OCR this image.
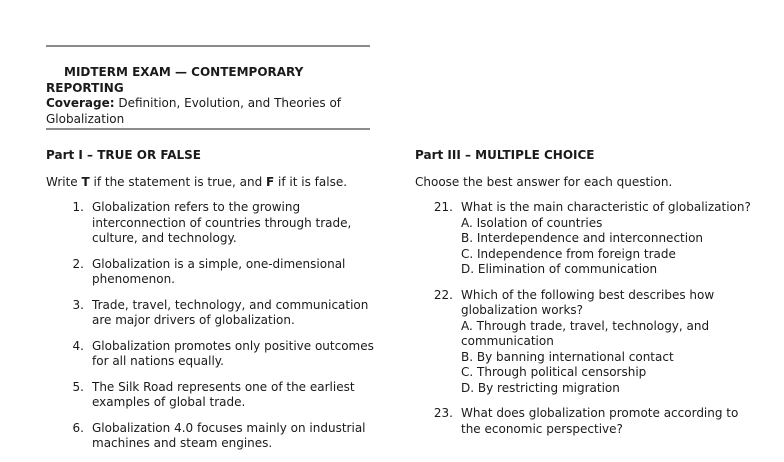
MIDTERM EXAM — CONTEMPORARY REPORTING

Coverage: Definition, Evolution, and Theories of Globalization

Part I – TRUE OR FALSE

Write T if the statement is true, and F if it is false.

1. Globalization refers to the growing interconnection of countries through trade, culture, and technology.
2. Globalization is a simple, one-dimensional phenomenon.
3. Trade, travel, technology, and communication are major drivers of globalization.
4. Globalization promotes only positive outcomes for all nations equally.
5. The Silk Road represents one of the earliest examples of global trade.
6. Globalization 4.0 focuses mainly on industrial machines and steam engines.

Part III – MULTIPLE CHOICE

Choose the best answer for each question.

21. What is the main characteristic of globalization?
A. Isolation of countries
B. Interdependence and interconnection
C. Independence from foreign trade
D. Elimination of communication
22. Which of the following best describes how globalization works?
A. Through trade, travel, technology, and communication
B. By banning international contact
C. Through political censorship
D. By restricting migration
23. What does globalization promote according to the economic perspective?
